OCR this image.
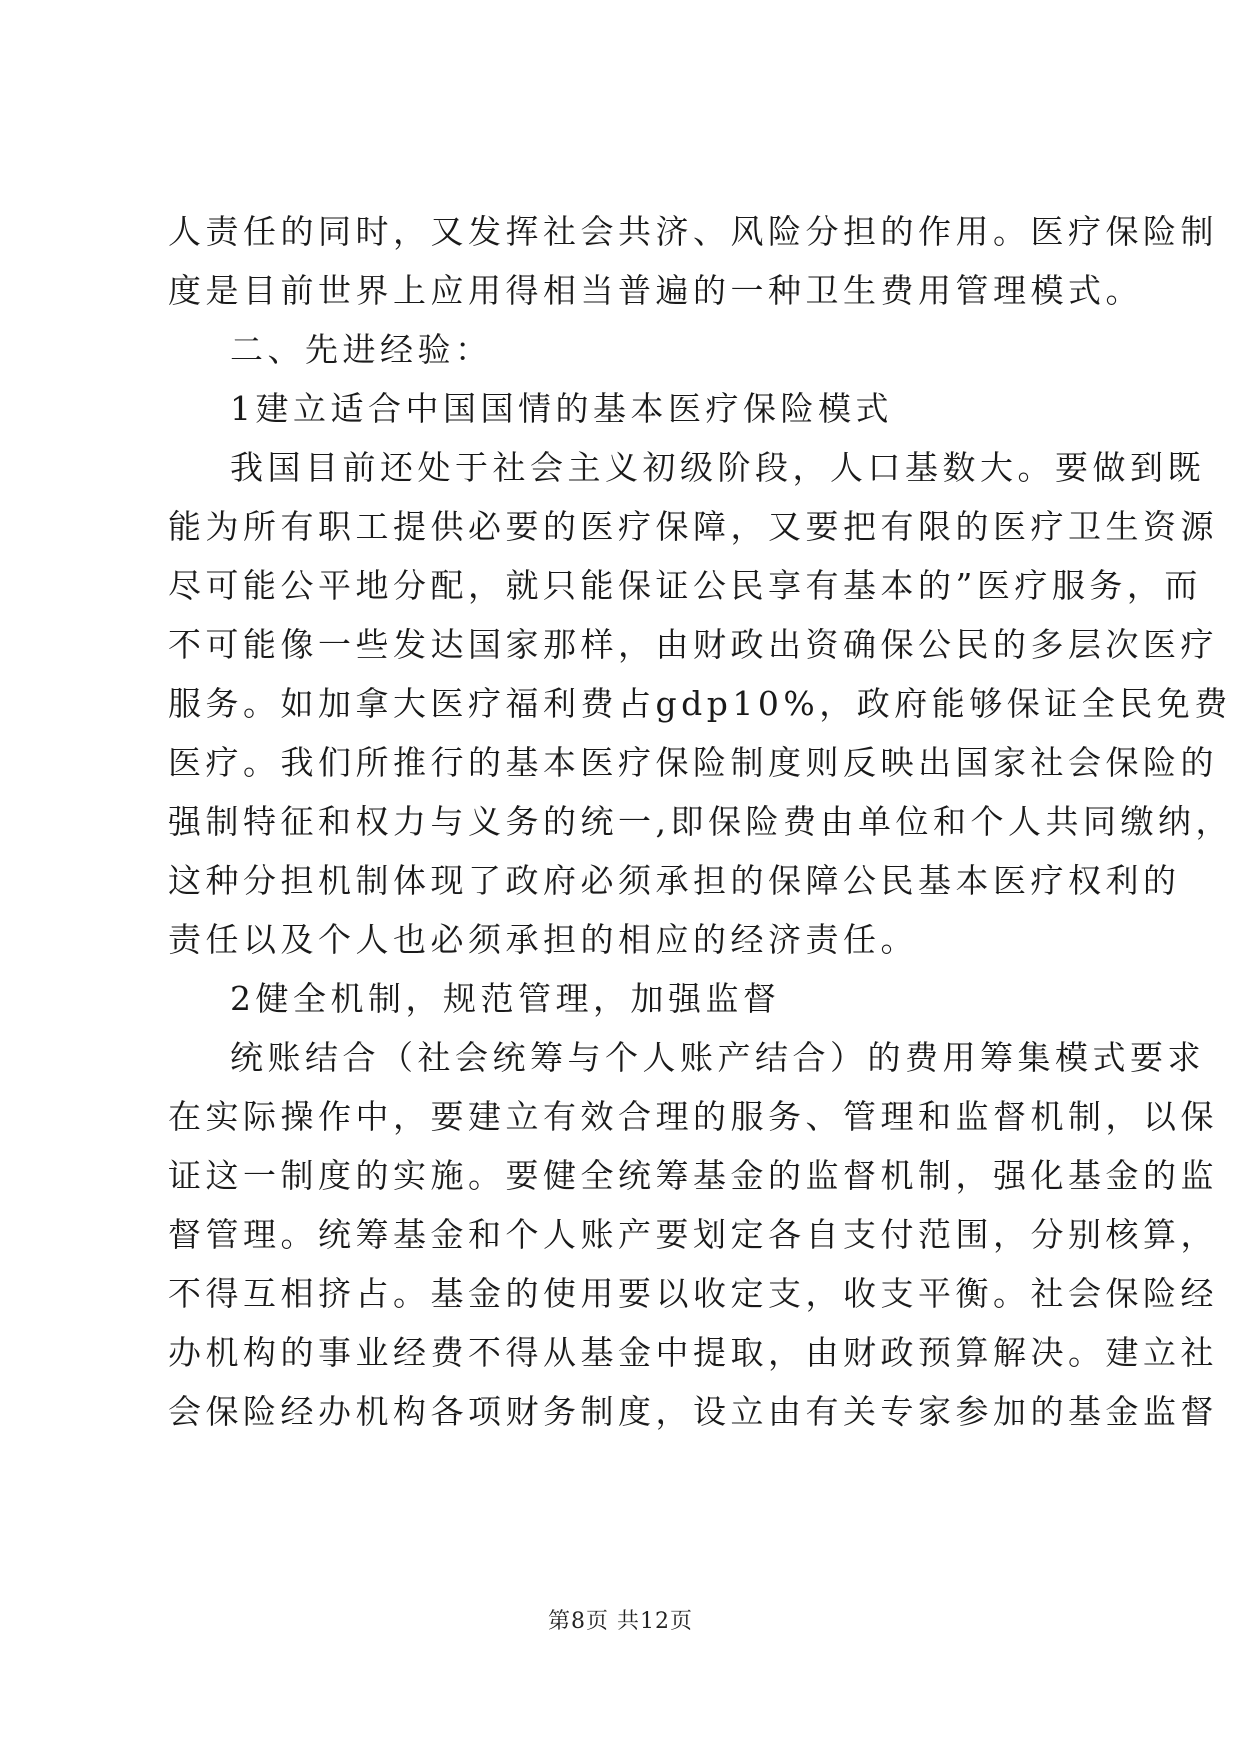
人责任的同时，又发挥社会共济、风险分担的作用。医疗保险制
度是目前世界上应用得相当普遍的一种卫生费用管理模式。
二、先进经验：
1建立适合中国国情的基本医疗保险模式
我国目前还处于社会主义初级阶段，人口基数大。要做到既
能为所有职工提供必要的医疗保障，又要把有限的医疗卫生资源
尽可能公平地分配，就只能保证公民享有基本的”医疗服务，而
不可能像一些发达国家那样，由财政出资确保公民的多层次医疗
服务。如加拿大医疗福利费占gdp10%，政府能够保证全民免费
医疗。我们所推行的基本医疗保险制度则反映出国家社会保险的
强制特征和权力与义务的统一,即保险费由单位和个人共同缴纳，
这种分担机制体现了政府必须承担的保障公民基本医疗权利的
责任以及个人也必须承担的相应的经济责任。
2健全机制，规范管理，加强监督
统账结合（社会统筹与个人账产结合）的费用筹集模式要求
在实际操作中，要建立有效合理的服务、管理和监督机制，以保
证这一制度的实施。要健全统筹基金的监督机制，强化基金的监
督管理。统筹基金和个人账产要划定各自支付范围，分别核算，
不得互相挤占。基金的使用要以收定支，收支平衡。社会保险经
办机构的事业经费不得从基金中提取，由财政预算解决。建立社
会保险经办机构各项财务制度，设立由有关专家参加的基金监督
第8页 共12页
